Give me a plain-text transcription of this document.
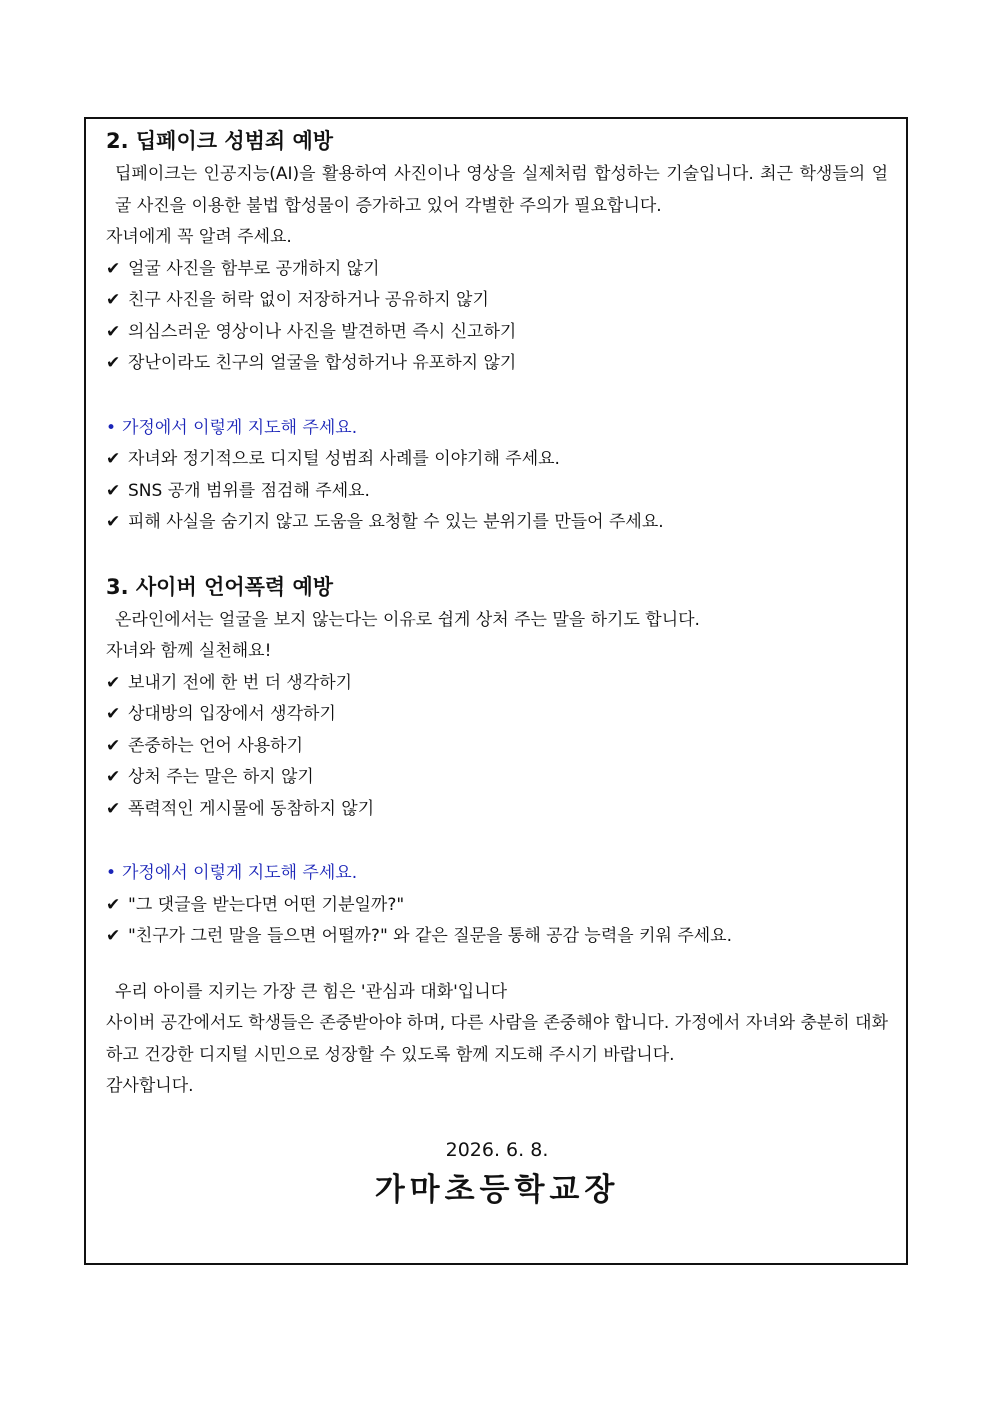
2. 딥페이크 성범죄 예방
딥페이크는 인공지능(AI)을 활용하여 사진이나 영상을 실제처럼 합성하는 기술입니다. 최근 학생들의 얼굴 사진을 이용한 불법 합성물이 증가하고 있어 각별한 주의가 필요합니다.
자녀에게 꼭 알려 주세요.
✔ 얼굴 사진을 함부로 공개하지 않기
✔ 친구 사진을 허락 없이 저장하거나 공유하지 않기
✔ 의심스러운 영상이나 사진을 발견하면 즉시 신고하기
✔ 장난이라도 친구의 얼굴을 합성하거나 유포하지 않기
• 가정에서 이렇게 지도해 주세요.
✔ 자녀와 정기적으로 디지털 성범죄 사례를 이야기해 주세요.
✔ SNS 공개 범위를 점검해 주세요.
✔ 피해 사실을 숨기지 않고 도움을 요청할 수 있는 분위기를 만들어 주세요.
3. 사이버 언어폭력 예방
온라인에서는 얼굴을 보지 않는다는 이유로 쉽게 상처 주는 말을 하기도 합니다.
자녀와 함께 실천해요!
✔ 보내기 전에 한 번 더 생각하기
✔ 상대방의 입장에서 생각하기
✔ 존중하는 언어 사용하기
✔ 상처 주는 말은 하지 않기
✔ 폭력적인 게시물에 동참하지 않기
• 가정에서 이렇게 지도해 주세요.
✔ "그 댓글을 받는다면 어떤 기분일까?"
✔ "친구가 그런 말을 들으면 어떨까?" 와 같은 질문을 통해 공감 능력을 키워 주세요.
우리 아이를 지키는 가장 큰 힘은 '관심과 대화'입니다
사이버 공간에서도 학생들은 존중받아야 하며, 다른 사람을 존중해야 합니다. 가정에서 자녀와 충분히 대화하고 건강한 디지털 시민으로 성장할 수 있도록 함께 지도해 주시기 바랍니다.
감사합니다.
2026. 6. 8.
가마초등학교장
